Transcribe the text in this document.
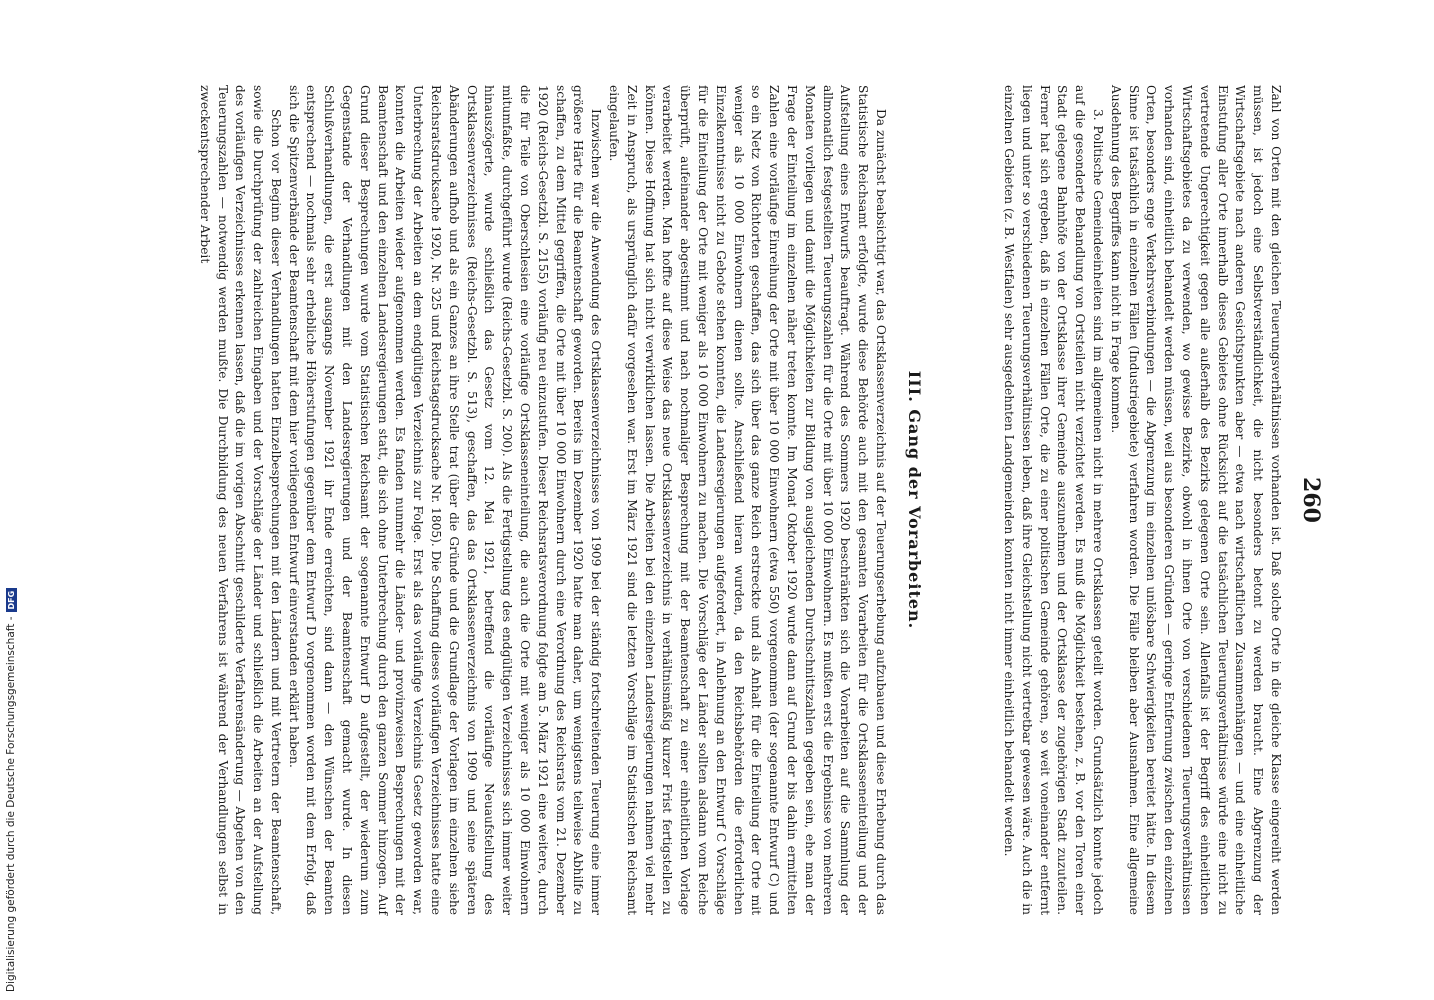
Digitalisierung gefördert durch die Deutsche Forschungsgemeinschaft -DFG
260

Zahl von Orten mit den gleichen Teuerungsverhältnissen vorhanden ist. Daß solche Orte in die gleiche Klasse eingereiht werden müssen, ist jedoch eine Selbstverständlichkeit, die nicht besonders betont zu werden braucht. Eine Abgrenzung der Wirtschaftsgebiete nach anderen Gesichtspunkten aber — etwa nach wirtschaftlichen Zusammenhängen — und eine einheitliche Einstufung aller Orte innerhalb dieses Gebietes ohne Rücksicht auf die tatsächlichen Teuerungsverhältnisse würde eine nicht zu vertretende Ungerechtigkeit gegen alle außerhalb des Bezirks gelegenen Orte sein. Allenfalls ist der Begriff des einheitlichen Wirtschaftsgebietes da zu verwenden, wo gewisse Bezirke, obwohl in ihnen Orte von verschiedenen Teuerungsverhältnissen vorhanden sind, einheitlich behandelt werden müssen, weil aus besonderen Gründen — geringe Entfernung zwischen den einzelnen Orten, besonders enge Verkehrsverbindungen — die Abgrenzung im einzelnen unlösbare Schwierigkeiten bereitet hätte. In diesem Sinne ist tatsächlich in einzelnen Fällen (Industriegebiete) verfahren worden. Die Fälle bleiben aber Ausnahmen. Eine allgemeine Ausdehnung des Begriffes kann nicht in Frage kommen.

3. Politische Gemeindeeinheiten sind im allgemeinen nicht in mehrere Ortsklassen geteilt worden. Grundsätzlich konnte jedoch auf die gesonderte Behandlung von Ortsteilen nicht verzichtet werden. Es muß die Möglichkeit bestehen, z. B. vor den Toren einer Stadt gelegene Bahnhöfe von der Ortsklasse ihrer Gemeinde auszunehmen und der Ortsklasse der zugehörigen Stadt zuzuteilen. Ferner hat sich ergeben, daß in einzelnen Fällen Orte, die zu einer politischen Gemeinde gehören, so weit voneinander entfernt liegen und unter so verschiedenen Teuerungsverhältnissen leben, daß ihre Gleichstellung nicht vertretbar gewesen wäre. Auch die in einzelnen Gebieten (z. B. Westfalen) sehr ausgedehnten Landgemeinden konnten nicht immer einheitlich behandelt werden.

III. Gang der Vorarbeiten.

Da zunächst beabsichtigt war, das Ortsklassenverzeichnis auf der Teuerungserhebung aufzubauen und diese Erhebung durch das Statistische Reichsamt erfolgte, wurde diese Behörde auch mit den gesamten Vorarbeiten für die Ortsklasseneinteilung und der Aufstellung eines Entwurfs beauftragt. Während des Sommers 1920 beschränkten sich die Vorarbeiten auf die Sammlung der allmonatlich festgestellten Teuerungszahlen für die Orte mit über 10 000 Einwohnern. Es mußten erst die Ergebnisse von mehreren Monaten vorliegen und damit die Möglichkeiten zur Bildung von ausgleichenden Durchschnittszahlen gegeben sein, ehe man der Frage der Einteilung im einzelnen näher treten konnte. Im Monat Oktober 1920 wurde dann auf Grund der bis dahin ermittelten Zahlen eine vorläufige Einreihung der Orte mit über 10 000 Einwohnern (etwa 550) vorgenommen (der sogenannte Entwurf C) und so ein Netz von Richtorten geschaffen, das sich über das ganze Reich erstreckte und als Anhalt für die Einteilung der Orte mit weniger als 10 000 Einwohnern dienen sollte. Anschließend hieran wurden, da den Reichsbehörden die erforderlichen Einzelkenntnisse nicht zu Gebote stehen konnten, die Landesregierungen aufgefordert, in Anlehnung an den Entwurf C Vorschläge für die Einteilung der Orte mit weniger als 10 000 Einwohnern zu machen. Die Vorschläge der Länder sollten alsdann vom Reiche überprüft, aufeinander abgestimmt und nach nochmaliger Besprechung mit der Beamtenschaft zu einer einheitlichen Vorlage verarbeitet werden. Man hoffte auf diese Weise das neue Ortsklassenverzeichnis in verhältnismäßig kurzer Frist fertigstellen zu können. Diese Hoffnung hat sich nicht verwirklichen lassen. Die Arbeiten bei den einzelnen Landesregierungen nahmen viel mehr Zeit in Anspruch, als ursprünglich dafür vorgesehen war. Erst im März 1921 sind die letzten Vorschläge im Statistischen Reichsamt eingelaufen.

Inzwischen war die Anwendung des Ortsklassenverzeichnisses von 1909 bei der ständig fortschreitenden Teuerung eine immer größere Härte für die Beamtenschaft geworden. Bereits im Dezember 1920 hatte man daher, um wenigstens teilweise Abhilfe zu schaffen, zu dem Mittel gegriffen, die Orte mit über 10 000 Einwohnern durch eine Verordnung des Reichsrats vom 21. Dezember 1920 (Reichs-Gesetzbl. S. 2155) vorläufig neu einzustufen. Dieser Reichsratsverordnung folgte am 5. März 1921 eine weitere, durch die für Teile von Oberschlesien eine vorläufige Ortsklasseneinteilung, die auch die Orte mit weniger als 10 000 Einwohnern mitumfaßte, durchgeführt wurde (Reichs-Gesetzbl. S. 200). Als die Fertigstellung des endgültigen Verzeichnisses sich immer weiter hinauszögerte, wurde schließlich das Gesetz vom 12. Mai 1921, betreffend die vorläufige Neuaufstellung des Ortsklassenverzeichnisses (Reichs-Gesetzbl. S. 513), geschaffen, das das Ortsklassenverzeichnis von 1909 und seine späteren Abänderungen aufhob und als ein Ganzes an ihre Stelle trat (über die Gründe und die Grundlage der Vorlagen im einzelnen siehe Reichsratsdrucksache 1920, Nr. 325 und Reichstagsdrucksache Nr. 1805). Die Schaffung dieses vorläufigen Verzeichnisses hatte eine Unterbrechung der Arbeiten an dem endgültigen Verzeichnis zur Folge. Erst als das vorläufige Verzeichnis Gesetz geworden war, konnten die Arbeiten wieder aufgenommen werden. Es fanden nunmehr die Länder- und provinzweisen Besprechungen mit der Beamtenschaft und den einzelnen Landesregierungen statt, die sich ohne Unterbrechung durch den ganzen Sommer hinzogen. Auf Grund dieser Besprechungen wurde vom Statistischen Reichsamt der sogenannte Entwurf D aufgestellt, der wiederum zum Gegenstande der Verhandlungen mit den Landesregierungen und der Beamtenschaft gemacht wurde. In diesen Schlußverhandlungen, die erst ausgangs November 1921 ihr Ende erreichten, sind dann — den Wünschen der Beamten entsprechend — nochmals sehr erhebliche Höherstufungen gegenüber dem Entwurf D vorgenommen worden mit dem Erfolg, daß sich die Spitzenverbände der Beamtenschaft mit dem hier vorliegenden Entwurf einverstanden erklärt haben.

Schon vor Beginn dieser Verhandlungen hatten Einzelbesprechungen mit den Ländern und mit Vertretern der Beamtenschaft, sowie die Durchprüfung der zahlreichen Eingaben und der Vorschläge der Länder und schließlich die Arbeiten an der Aufstellung des vorläufigen Verzeichnisses erkennen lassen, daß die im vorigen Abschnitt geschilderte Verfahrensänderung — Abgehen von den Teuerungszahlen — notwendig werden mußte. Die Durchbildung des neuen Verfahrens ist während der Verhandlungen selbst in zweckentsprechender Arbeit
